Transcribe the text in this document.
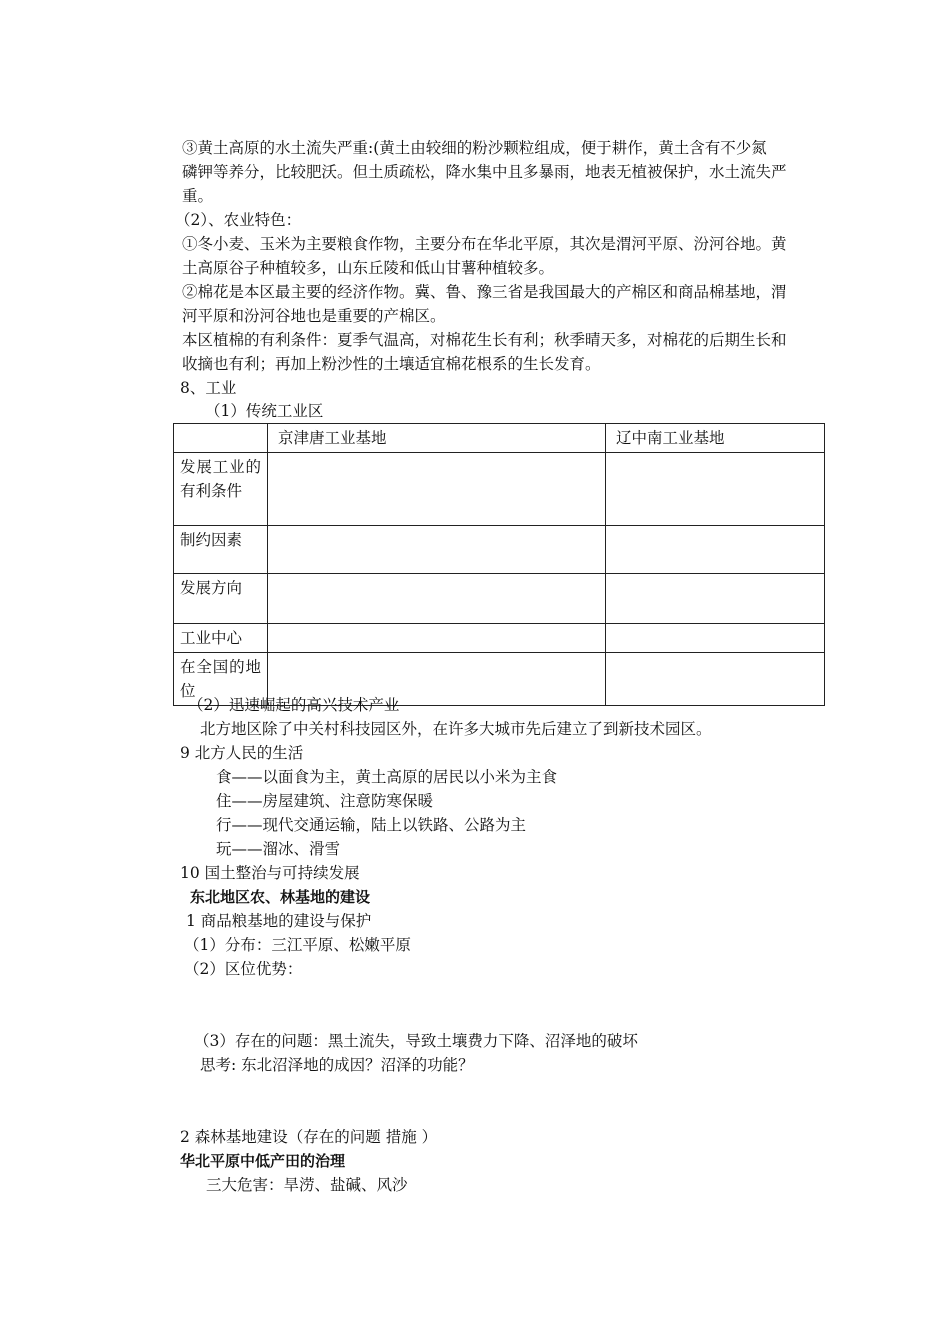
③黄土高原的水土流失严重:(黄土由较细的粉沙颗粒组成，便于耕作，黄土含有不少氮
磷钾等养分，比较肥沃。但土质疏松，降水集中且多暴雨，地表无植被保护，水土流失严
重。
（2）、农业特色：
①冬小麦、玉米为主要粮食作物，主要分布在华北平原，其次是渭河平原、汾河谷地。黄
土高原谷子种植较多，山东丘陵和低山甘薯种植较多。
②棉花是本区最主要的经济作物。冀、鲁、豫三省是我国最大的产棉区和商品棉基地，渭
河平原和汾河谷地也是重要的产棉区。
本区植棉的有利条件：夏季气温高，对棉花生长有利；秋季晴天多，对棉花的后期生长和
收摘也有利；再加上粉沙性的土壤适宜棉花根系的生长发育。
8、工业
（1）传统工业区
	京津唐工业基地	辽中南工业基地
发展工业的有利条件		
制约因素		
发展方向		
工业中心		
在全国的地位		
（2）迅速崛起的高兴技术产业
北方地区除了中关村科技园区外，在许多大城市先后建立了到新技术园区。
9 北方人民的生活
食——以面食为主，黄土高原的居民以小米为主食
住——房屋建筑、注意防寒保暖
行——现代交通运输，陆上以铁路、公路为主
玩——溜冰、滑雪
10 国土整治与可持续发展
东北地区农、林基地的建设
1 商品粮基地的建设与保护
（1）分布：三江平原、松嫩平原
（2）区位优势：
（3）存在的问题：黑土流失，导致土壤费力下降、沼泽地的破坏
思考: 东北沼泽地的成因？沼泽的功能？
2 森林基地建设（存在的问题 措施 ）
华北平原中低产田的治理
三大危害：旱涝、盐碱、风沙
